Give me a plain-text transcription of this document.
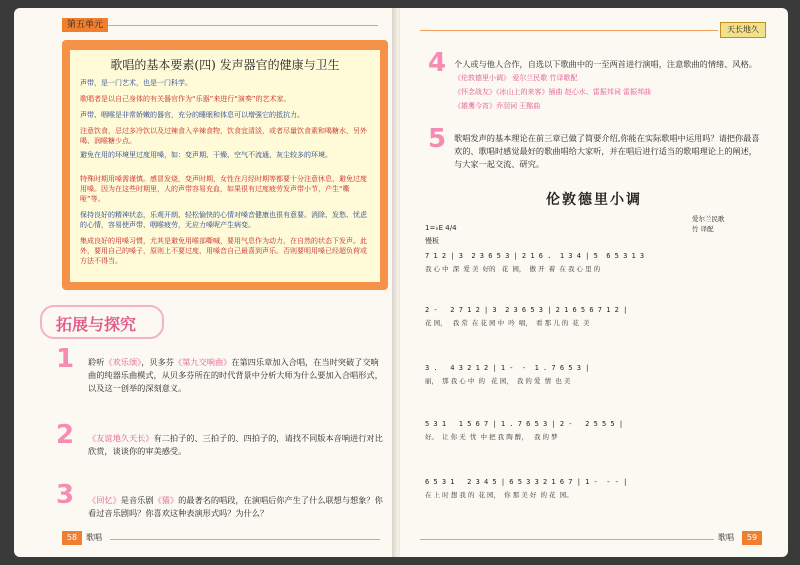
第五单元
歌唱的基本要素(四) 发声器官的健康与卫生

声带，是一门艺术，也是一门科学。

歌唱者是以自己身体的有关器官作为“乐器”来进行“演奏”的艺术家。

声带、咽喉是非常娇嫩的器官，充分的睡眠和体息可以增强它的抵抗力。

注意饮食，忌过多冷饮以及过辣食入辛辣食物，饮食宜清淡，或者尽量饮食素和喝糖水，另外喝、润喉糖少点。

避免在用的环境里过度用嗓，如：变声期、干燥、空气不流通、灰尘较多的环境。

特殊时期用嗓需谨慎。感冒发烧，变声时期，女性在月经时期等都要十分注意休息，避免过度用嗓。因为在这些时期里，人的声带容易充血，如果很有过度疲劳发声带小节，产生“嘶哑”等。

保持良好的精神状态，乐观开朗、轻松愉快的心情对嗓音健康也很有意要。消除、发愁、忧虑的心情，容易使声带、咽喉疲劳，无应力嗓呢产生病变。

集成良好的用嗓习惯，尤其是避免用喉部嘶喊，要用气息作为动力，在自然的状态下发声。此外，要用自己的嗓子，原则上不要过度、用嗓音自己最喜到声乐。否则要明用嗓已经超负荷或方法不得当。

拓展与探究
1 聆听《欢乐颂》，贝多芬《第九交响曲》在第四乐章加入合唱，在当时突破了交响曲的纯器乐曲模式，从贝多芬所在的时代背景中分析大师为什么要加入合唱形式，以及这一创举的深刻意义。
2 《友谊地久天长》有二拍子的、三拍子的、四拍子的，请找不同版本音响进行对比欣赏，谈谈你的审美感受。
3 《回忆》是音乐剧《猫》的最著名的唱段，在演唱后你产生了什么联想与想象？你看过音乐剧吗？你喜欢这种表演形式吗？为什么？
58	歌唱
天长地久
4 个人或与他人合作，自选以下歌曲中的一至两首进行演唱，注意歌曲的情绪、风格。
《伦敦德里小调》 爱尔兰民歌 竹译歌配
《怀念战友》《冰山上的来客》插曲 赵心水、雷振邦词 雷振邦曲
《雄鹰今宵》乔羽词 王酩曲
5 歌唱发声的基本理论在前三章已做了简要介绍,你能在实际歌唱中运用吗？请把你最喜欢的、歌唱时感觉最好的歌曲唱给大家听，并在唱后进行适当的歌唱理论上的阐述，与大家一起交流、研究。
伦敦德里小调
爱尔兰民歌
竹 译配
1=♭E 4/4
慢板
7 1 2 | 3  2 3 6 5 3 | 2 1 6 .  1 3 4 | 5  6 5 3 1 3
我 心 中  深  爱 美  好的   花  园，  傲 开  着  在 我 心 里 的
2 -   2 7 1 2 | 3  2 3 6 5 3 | 2 1 6 5 6 7 1 2 |
花 园，   我 常  在 花 园 中  吟  唱，  看 那 儿 的  花  美
3 .   4 3 2 1 2 | 1 -  -  1 . 7 6 5 3 |
丽，  那 我 心 中  的   花 园，  我 的 爱  情  也 美
5 3 1   1 5 6 7 | 1 . 7 6 5 3 | 2 -   2 5 5 5 |
好。  让 你 无  忧  中 把 我 陶 醉，   我 的 梦
6 5 3 1   2 3 4 5 | 6 5 3 3 2 1 6 7 | 1 -  - - |
在 上 时 想 我 的  花 园，  你 那 美 好  的 花  园。
歌唱	59
